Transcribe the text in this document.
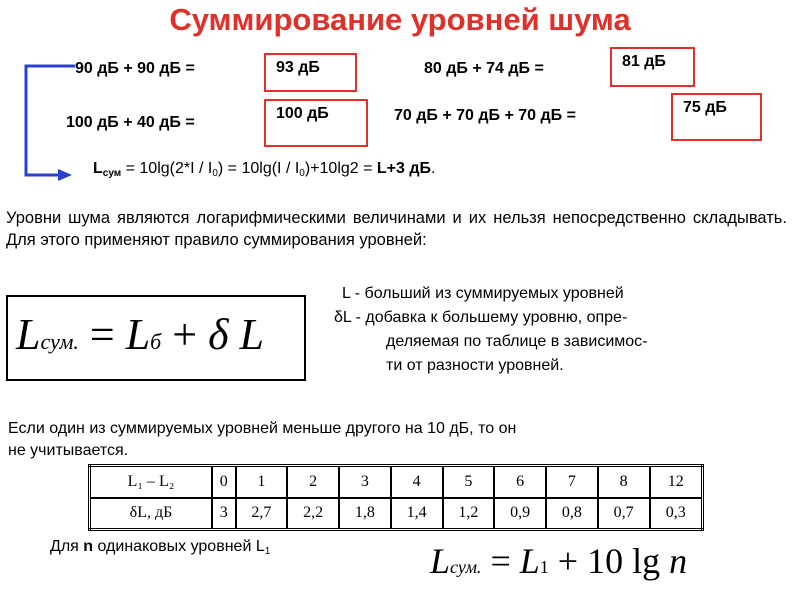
Суммирование уровней шума
90 дБ + 90 дБ =	93 дБ	80 дБ + 74 дБ =	81 дБ
100 дБ + 40 дБ =
100 дБ	70 дБ + 70 дБ + 70 дБ =	75 дБ
$L_{сум} = 10\lg(2*I / I_0) = 10\lg(I / I_0)+10\lg 2 = L+3$ дБ.
Уровни шума являются логарифмическими величинами и их нельзя непосредственно складывать. Для этого применяют правило суммирования уровней:
Lсум. = Lб + δ L
L - больший из суммируемых уровней
δL - добавка к большему уровню, опре-
деляемая по таблице в зависимос-
ти от разности уровней.
Если один из суммируемых уровней меньше другого на 10 дБ, то он
не учитывается.
L₁ – L₂	0	1	2	3	4	5	6	7	8	12
δL, дБ	3	2,7	2,2	1,8	1,4	1,2	0,9	0,8	0,7	0,3
Для n одинаковых уровней $L_1$	Lсум. = L1 + 10 lg n
